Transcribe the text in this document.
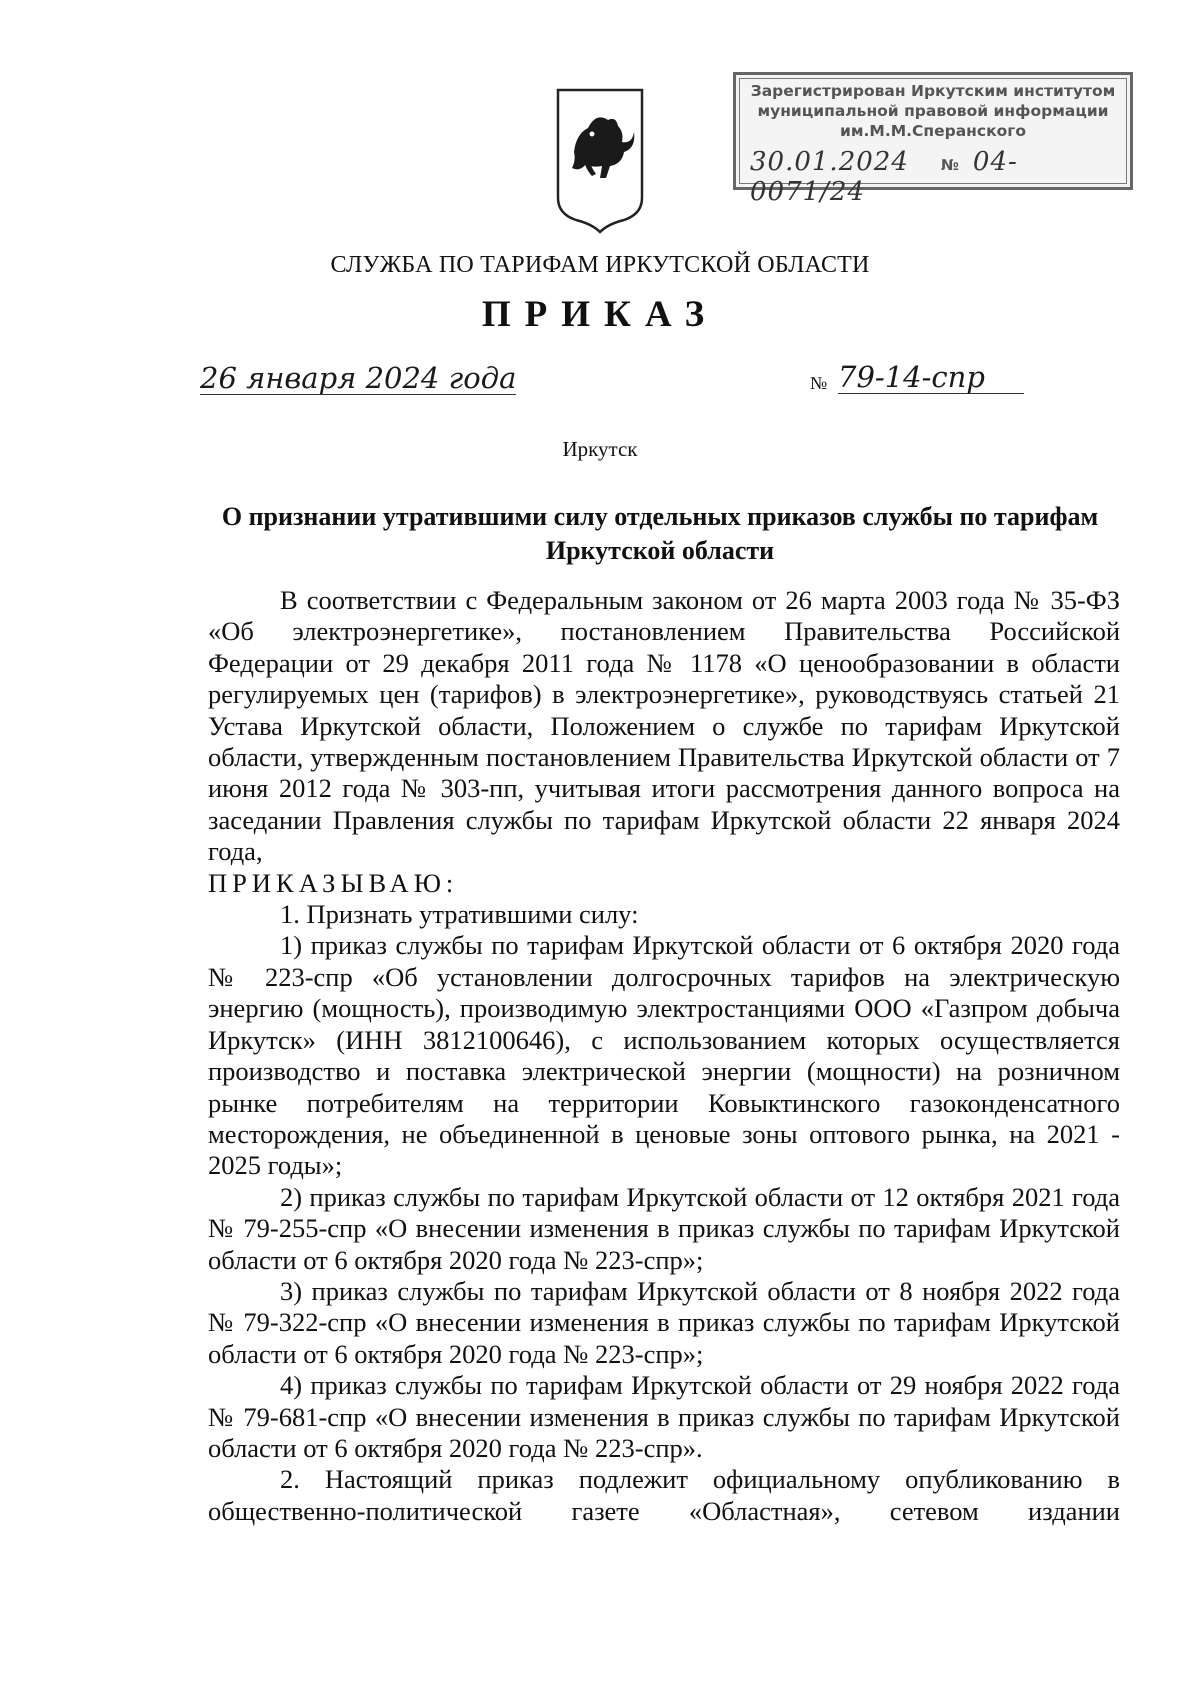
Зарегистрирован Иркутским институтом
муниципальной правовой информации
им.М.М.Сперанского
30.01.2024 № 04-0071/24
СЛУЖБА ПО ТАРИФАМ ИРКУТСКОЙ ОБЛАСТИ
ПРИКАЗ
26 января 2024 года	№ 79-14-спр
Иркутск
О признании утратившими силу отдельных приказов службы по тарифам Иркутской области

В соответствии с Федеральным законом от 26 марта 2003 года № 35-ФЗ «Об электроэнергетике», постановлением Правительства Российской Федерации от 29 декабря 2011 года № 1178 «О ценообразовании в области регулируемых цен (тарифов) в электроэнергетике», руководствуясь статьей 21 Устава Иркутской области, Положением о службе по тарифам Иркутской области, утвержденным постановлением Правительства Иркутской области от 7 июня 2012 года № 303-пп, учитывая итоги рассмотрения данного вопроса на заседании Правления службы по тарифам Иркутской области 22 января 2024 года,

ПРИКАЗЫВАЮ:

1. Признать утратившими силу:

1) приказ службы по тарифам Иркутской области от 6 октября 2020 года № 223-спр «Об установлении долгосрочных тарифов на электрическую энергию (мощность), производимую электростанциями ООО «Газпром добыча Иркутск» (ИНН 3812100646), с использованием которых осуществляется производство и поставка электрической энергии (мощности) на розничном рынке потребителям на территории Ковыктинского газоконденсатного месторождения, не объединенной в ценовые зоны оптового рынка, на 2021 - 2025 годы»;

2) приказ службы по тарифам Иркутской области от 12 октября 2021 года № 79-255-спр «О внесении изменения в приказ службы по тарифам Иркутской области от 6 октября 2020 года № 223-спр»;

3) приказ службы по тарифам Иркутской области от 8 ноября 2022 года № 79-322-спр «О внесении изменения в приказ службы по тарифам Иркутской области от 6 октября 2020 года № 223-спр»;

4) приказ службы по тарифам Иркутской области от 29 ноября 2022 года № 79-681-спр «О внесении изменения в приказ службы по тарифам Иркутской области от 6 октября 2020 года № 223-спр».

2. Настоящий приказ подлежит официальному опубликованию в общественно-политической газете «Областная», сетевом издании
